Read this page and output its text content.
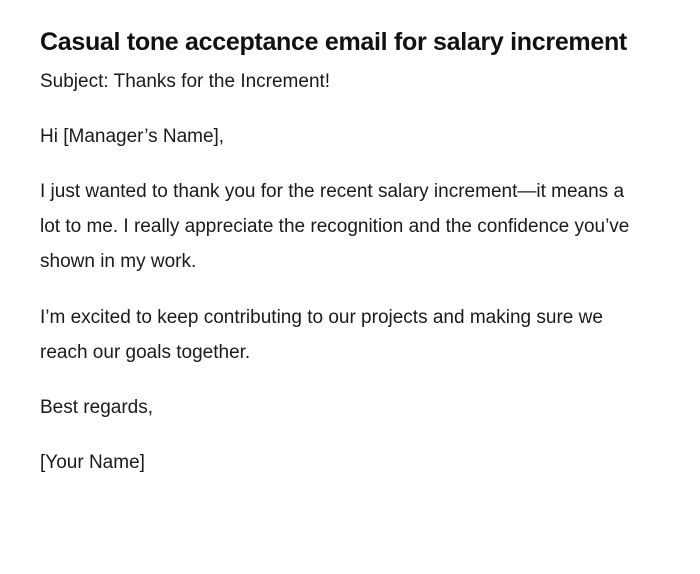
Casual tone acceptance email for salary increment

Subject: Thanks for the Increment!

Hi [Manager’s Name],

I just wanted to thank you for the recent salary increment—it means a lot to me. I really appreciate the recognition and the confidence you’ve shown in my work.

I’m excited to keep contributing to our projects and making sure we reach our goals together.

Best regards,

[Your Name]
